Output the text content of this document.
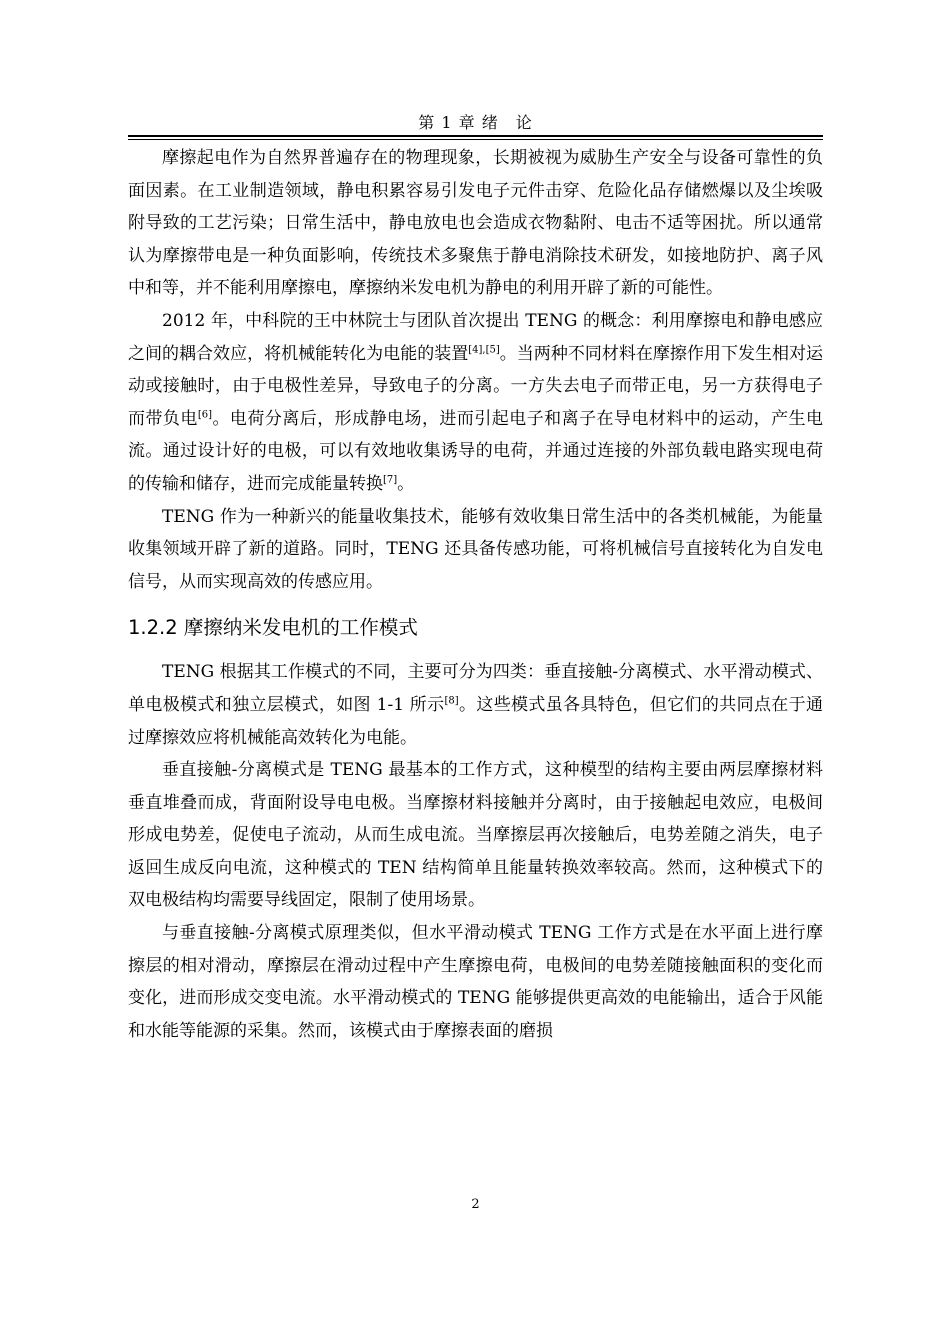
第 1 章 绪　论

摩擦起电作为自然界普遍存在的物理现象，长期被视为威胁生产安全与设备可靠性的负面因素。在工业制造领域，静电积累容易引发电子元件击穿、危险化品存储燃爆以及尘埃吸附导致的工艺污染；日常生活中，静电放电也会造成衣物黏附、电击不适等困扰。所以通常认为摩擦带电是一种负面影响，传统技术多聚焦于静电消除技术研发，如接地防护、离子风中和等，并不能利用摩擦电，摩擦纳米发电机为静电的利用开辟了新的可能性。

2012 年，中科院的王中林院士与团队首次提出 TENG 的概念：利用摩擦电和静电感应之间的耦合效应，将机械能转化为电能的装置[4],[5]。当两种不同材料在摩擦作用下发生相对运动或接触时，由于电极性差异，导致电子的分离。一方失去电子而带正电，另一方获得电子而带负电[6]。电荷分离后，形成静电场，进而引起电子和离子在导电材料中的运动，产生电流。通过设计好的电极，可以有效地收集诱导的电荷，并通过连接的外部负载电路实现电荷的传输和储存，进而完成能量转换[7]。

TENG 作为一种新兴的能量收集技术，能够有效收集日常生活中的各类机械能，为能量收集领域开辟了新的道路。同时，TENG 还具备传感功能，可将机械信号直接转化为自发电信号，从而实现高效的传感应用。

1.2.2 摩擦纳米发电机的工作模式

TENG 根据其工作模式的不同，主要可分为四类：垂直接触-分离模式、水平滑动模式、单电极模式和独立层模式，如图 1-1 所示[8]。这些模式虽各具特色，但它们的共同点在于通过摩擦效应将机械能高效转化为电能。

垂直接触-分离模式是 TENG 最基本的工作方式，这种模型的结构主要由两层摩擦材料垂直堆叠而成，背面附设导电电极。当摩擦材料接触并分离时，由于接触起电效应，电极间形成电势差，促使电子流动，从而生成电流。当摩擦层再次接触后，电势差随之消失，电子返回生成反向电流，这种模式的 TEN 结构简单且能量转换效率较高。然而，这种模式下的双电极结构均需要导线固定，限制了使用场景。

与垂直接触-分离模式原理类似，但水平滑动模式 TENG 工作方式是在水平面上进行摩擦层的相对滑动，摩擦层在滑动过程中产生摩擦电荷，电极间的电势差随接触面积的变化而变化，进而形成交变电流。水平滑动模式的 TENG 能够提供更高效的电能输出，适合于风能和水能等能源的采集。然而，该模式由于摩擦表面的磨损

2
